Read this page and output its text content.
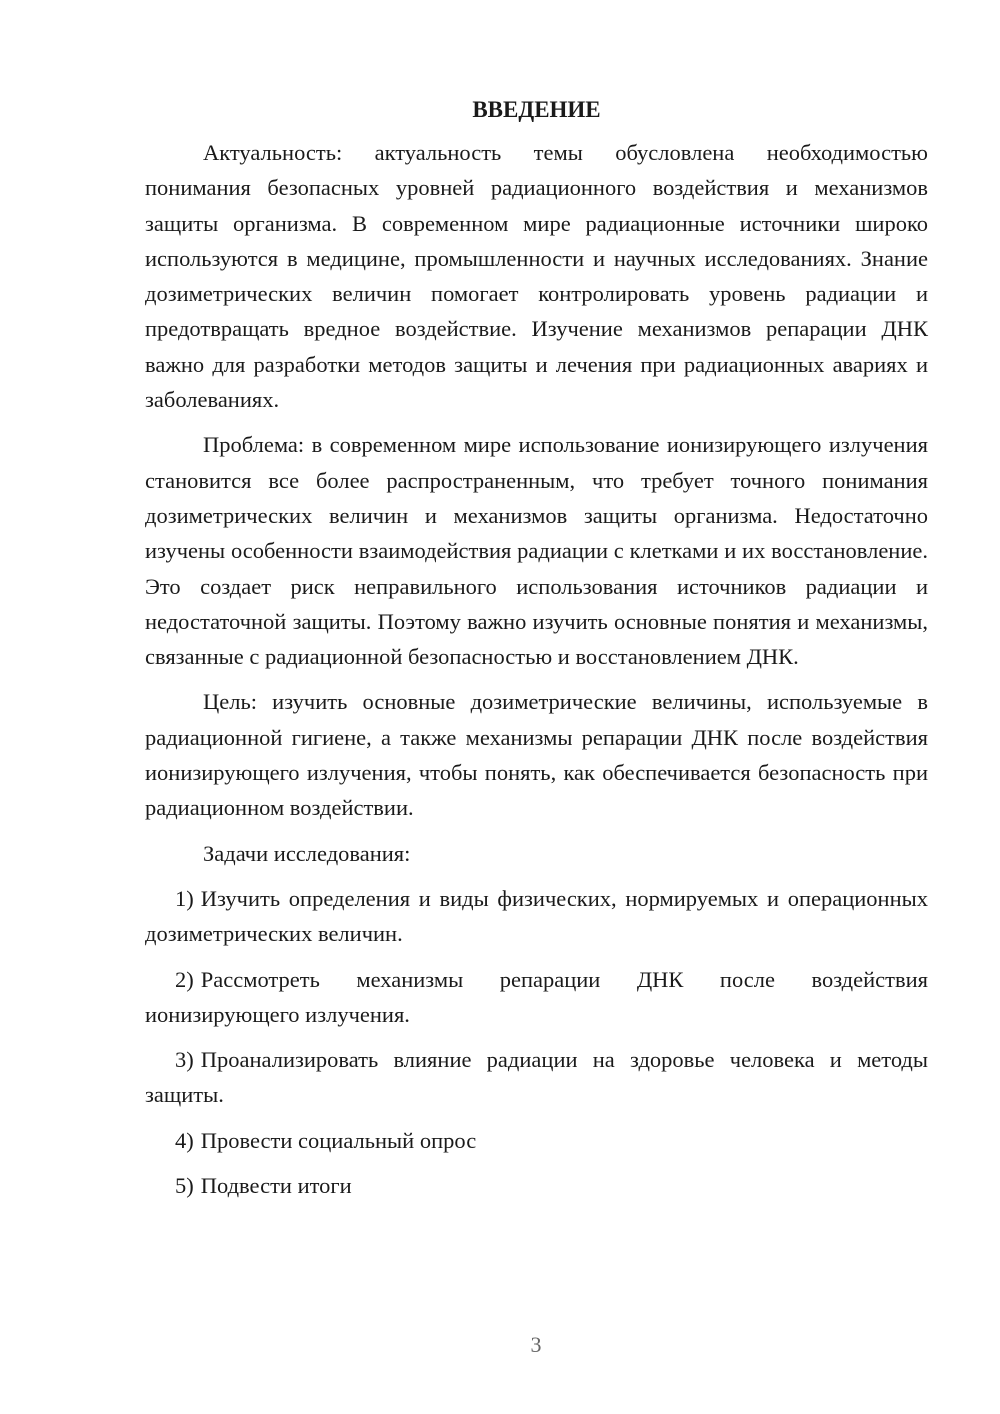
ВВЕДЕНИЕ

Актуальность: актуальность темы обусловлена необходимостью понимания безопасных уровней радиационного воздействия и механизмов защиты организма. В современном мире радиационные источники широко используются в медицине, промышленности и научных исследованиях. Знание дозиметрических величин помогает контролировать уровень радиации и предотвращать вредное воздействие. Изучение механизмов репарации ДНК важно для разработки методов защиты и лечения при радиационных авариях и заболеваниях.

Проблема: в современном мире использование ионизирующего излучения становится все более распространенным, что требует точного понимания дозиметрических величин и механизмов защиты организма. Недостаточно изучены особенности взаимодействия радиации с клетками и их восстановление. Это создает риск неправильного использования источников радиации и недостаточной защиты. Поэтому важно изучить основные понятия и механизмы, связанные с радиационной безопасностью и восстановлением ДНК.

Цель: изучить основные дозиметрические величины, используемые в радиационной гигиене, а также механизмы репарации ДНК после воздействия ионизирующего излучения, чтобы понять, как обеспечивается безопасность при радиационном воздействии.

Задачи исследования:

1) Изучить определения и виды физических, нормируемых и операционных дозиметрических величин.

2) Рассмотреть механизмы репарации ДНК после воздействия ионизирующего излучения.

3) Проанализировать влияние радиации на здоровье человека и методы защиты.

4) Провести социальный опрос

5) Подвести итоги

3
